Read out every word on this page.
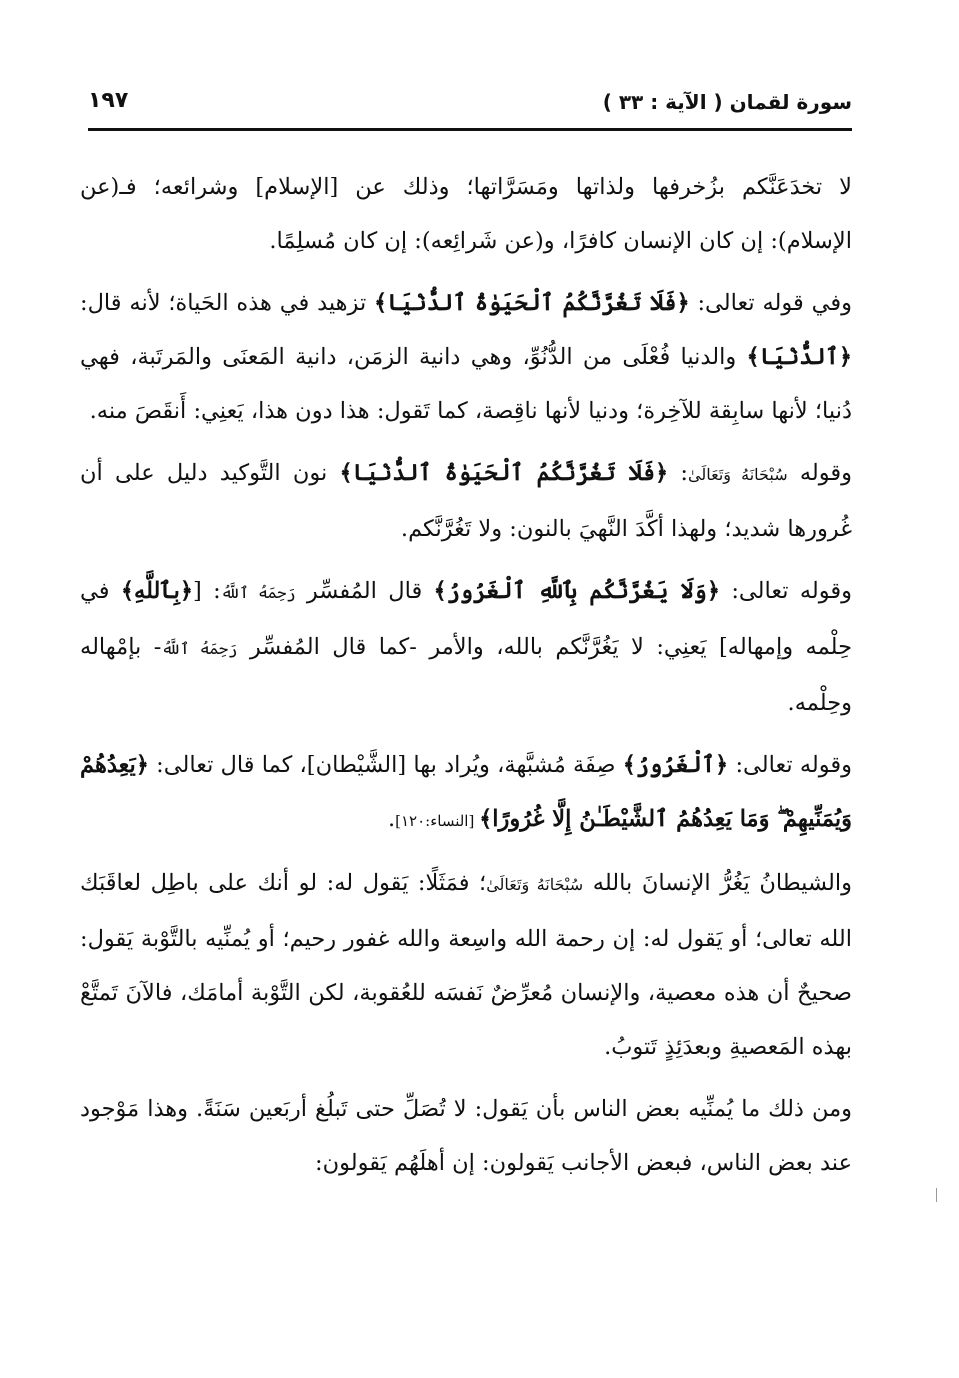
سورة لقمان ( الآية : ٣٣ )
١٩٧

لا تخدَعَنَّكم بزُخرفها ولذاتها ومَسَرَّاتها؛ وذلك عن [الإسلام] وشرائعه؛ فـ(عن الإسلام): إن كان الإنسان كافرًا، و(عن شَرائِعه): إن كان مُسلِمًا.

وفي قوله تعالى: ﴿فَلَا تَغُرَّنَّكُمُ ٱلْحَيَوٰةُ ٱلدُّنْيَا﴾ تزهيد في هذه الحَياة؛ لأنه قال: ﴿ٱلدُّنْيَا﴾ والدنيا فُعْلَى من الدُّنُوِّ، وهي دانية الزمَن، دانية المَعنَى والمَرتَبة، فهي دُنيا؛ لأنها سابِقة للآخِرة؛ ودنيا لأنها ناقِصة، كما تَقول: هذا دون هذا، يَعنِي: أَنقَصَ منه.

وقوله سُبْحَانَهُ وَتَعَالَىٰ: ﴿فَلَا تَغُرَّنَّكُمُ ٱلْحَيَوٰةُ ٱلدُّنْيَا﴾ نون التَّوكيد دليل على أن غُرورها شديد؛ ولهذا أكَّدَ النَّهيَ بالنون: ولا تَغُرَّنَّكم.

وقوله تعالى: ﴿وَلَا يَغُرَّنَّكُم بِٱللَّهِ ٱلْغَرُورُ﴾ قال المُفسِّر رَحِمَهُ ٱللَّهُ: [﴿بِٱللَّهِ﴾ في حِلْمه وإمهاله] يَعنِي: لا يَغُرَّنَّكم بالله، والأمر -كما قال المُفسِّر رَحِمَهُ ٱللَّهُ- بإمْهاله وحِلْمه.

وقوله تعالى: ﴿ٱلْغَرُورُ﴾ صِفَة مُشبَّهة، ويُراد بها [الشَّيْطان]، كما قال تعالى: ﴿يَعِدُهُمْ وَيُمَنِّيهِمْ ۖ وَمَا يَعِدُهُمُ ٱلشَّيْطَـٰنُ إِلَّا غُرُورًا﴾ [النساء:١٢٠].

والشيطانُ يَغُرُّ الإنسانَ بالله سُبْحَانَهُ وَتَعَالَىٰ؛ فمَثَلًا: يَقول له: لو أنك على باطِل لعاقَبَك الله تعالى؛ أو يَقول له: إن رحمة الله واسِعة والله غفور رحيم؛ أو يُمنِّيه بالتَّوْبة يَقول: صحيحٌ أن هذه معصية، والإنسان مُعرِّضٌ نَفسَه للعُقوبة، لكن التَّوْبة أمامَك، فالآنَ تَمتَّعْ بهذه المَعصيةِ وبعدَئِذٍ تَتوبُ.

ومن ذلك ما يُمنِّيه بعض الناس بأن يَقول: لا تُصَلِّ حتى تَبلُغ أربَعين سَنَةً. وهذا مَوْجود عند بعض الناس، فبعض الأجانب يَقولون: إن أهلَهُم يَقولون:
